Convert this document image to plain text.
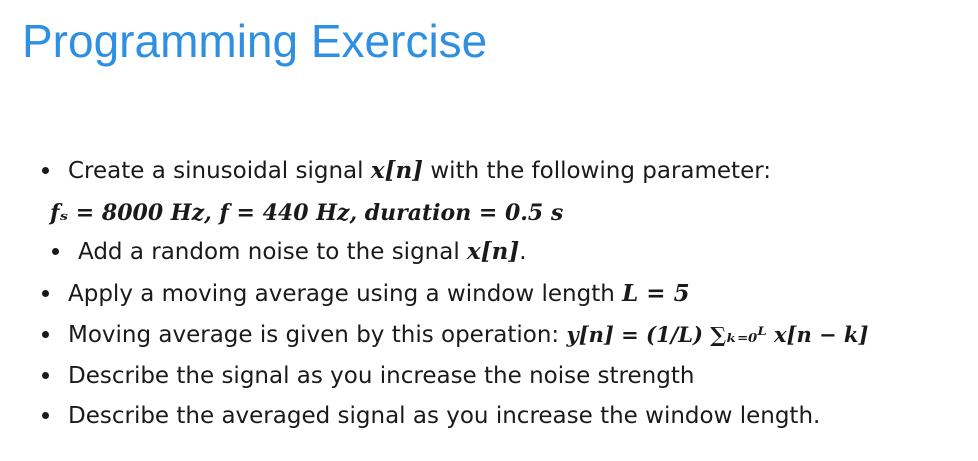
Programming Exercise
Create a sinusoidal signal x[n] with the following parameter:
fₛ = 8000 Hz, f = 440 Hz, duration = 0.5 s
Add a random noise to the signal x[n].
Apply a moving average using a window length L = 5
Moving average is given by this operation: y[n] = (1/L) ∑ₖ₌₀ᴸ x[n − k]
Describe the signal as you increase the noise strength
Describe the averaged signal as you increase the window length.
